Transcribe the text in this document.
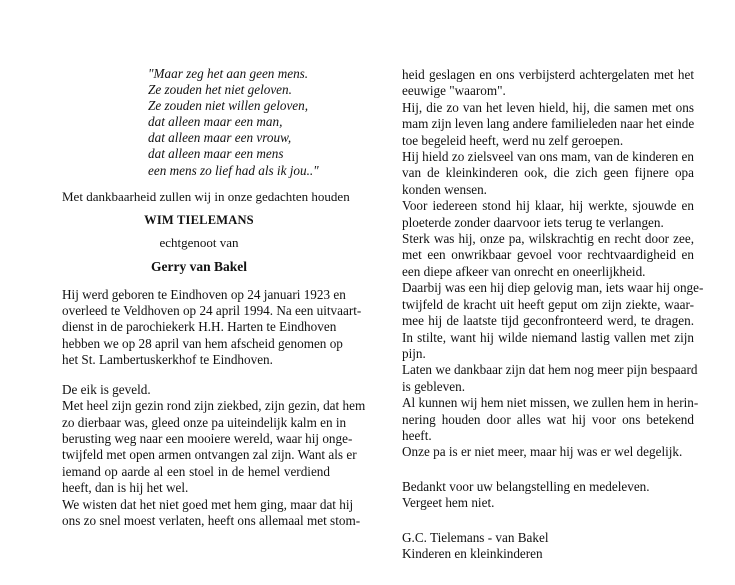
"Maar zeg het aan geen mens.
Ze zouden het niet geloven.
Ze zouden niet willen geloven,
dat alleen maar een man,
dat alleen maar een vrouw,
dat alleen maar een mens
een mens zo lief had als ik jou.."
Met dankbaarheid zullen wij in onze gedachten houden
WIM TIELEMANS
echtgenoot van
Gerry van Bakel
Hij werd geboren te Eindhoven op 24 januari 1923 en
overleed te Veldhoven op 24 april 1994. Na een uitvaart-
dienst in de parochiekerk H.H. Harten te Eindhoven
hebben we op 28 april van hem afscheid genomen op
het St. Lambertuskerkhof te Eindhoven.
De eik is geveld.
Met heel zijn gezin rond zijn ziekbed, zijn gezin, dat hem
zo dierbaar was, gleed onze pa uiteindelijk kalm en in
berusting weg naar een mooiere wereld, waar hij onge-
twijfeld met open armen ontvangen zal zijn. Want als er
iemand op aarde al een stoel in de hemel verdiend
heeft, dan is hij het wel.
We wisten dat het niet goed met hem ging, maar dat hij
ons zo snel moest verlaten, heeft ons allemaal met stom-
heid geslagen en ons verbijsterd achtergelaten met het
eeuwige "waarom".
Hij, die zo van het leven hield, hij, die samen met ons
mam zijn leven lang andere familieleden naar het einde
toe begeleid heeft, werd nu zelf geroepen.
Hij hield zo zielsveel van ons mam, van de kinderen en
van de kleinkinderen ook, die zich geen fijnere opa
konden wensen.
Voor iedereen stond hij klaar, hij werkte, sjouwde en
ploeterde zonder daarvoor iets terug te verlangen.
Sterk was hij, onze pa, wilskrachtig en recht door zee,
met een onwrikbaar gevoel voor rechtvaardigheid en
een diepe afkeer van onrecht en oneerlijkheid.
Daarbij was een hij diep gelovig man, iets waar hij onge-
twijfeld de kracht uit heeft geput om zijn ziekte, waar-
mee hij de laatste tijd geconfronteerd werd, te dragen.
In stilte, want hij wilde niemand lastig vallen met zijn
pijn.
Laten we dankbaar zijn dat hem nog meer pijn bespaard
is gebleven.
Al kunnen wij hem niet missen, we zullen hem in herin-
nering houden door alles wat hij voor ons betekend
heeft.
Onze pa is er niet meer, maar hij was er wel degelijk.
Bedankt voor uw belangstelling en medeleven.
Vergeet hem niet.
G.C. Tielemans - van Bakel
Kinderen en kleinkinderen
